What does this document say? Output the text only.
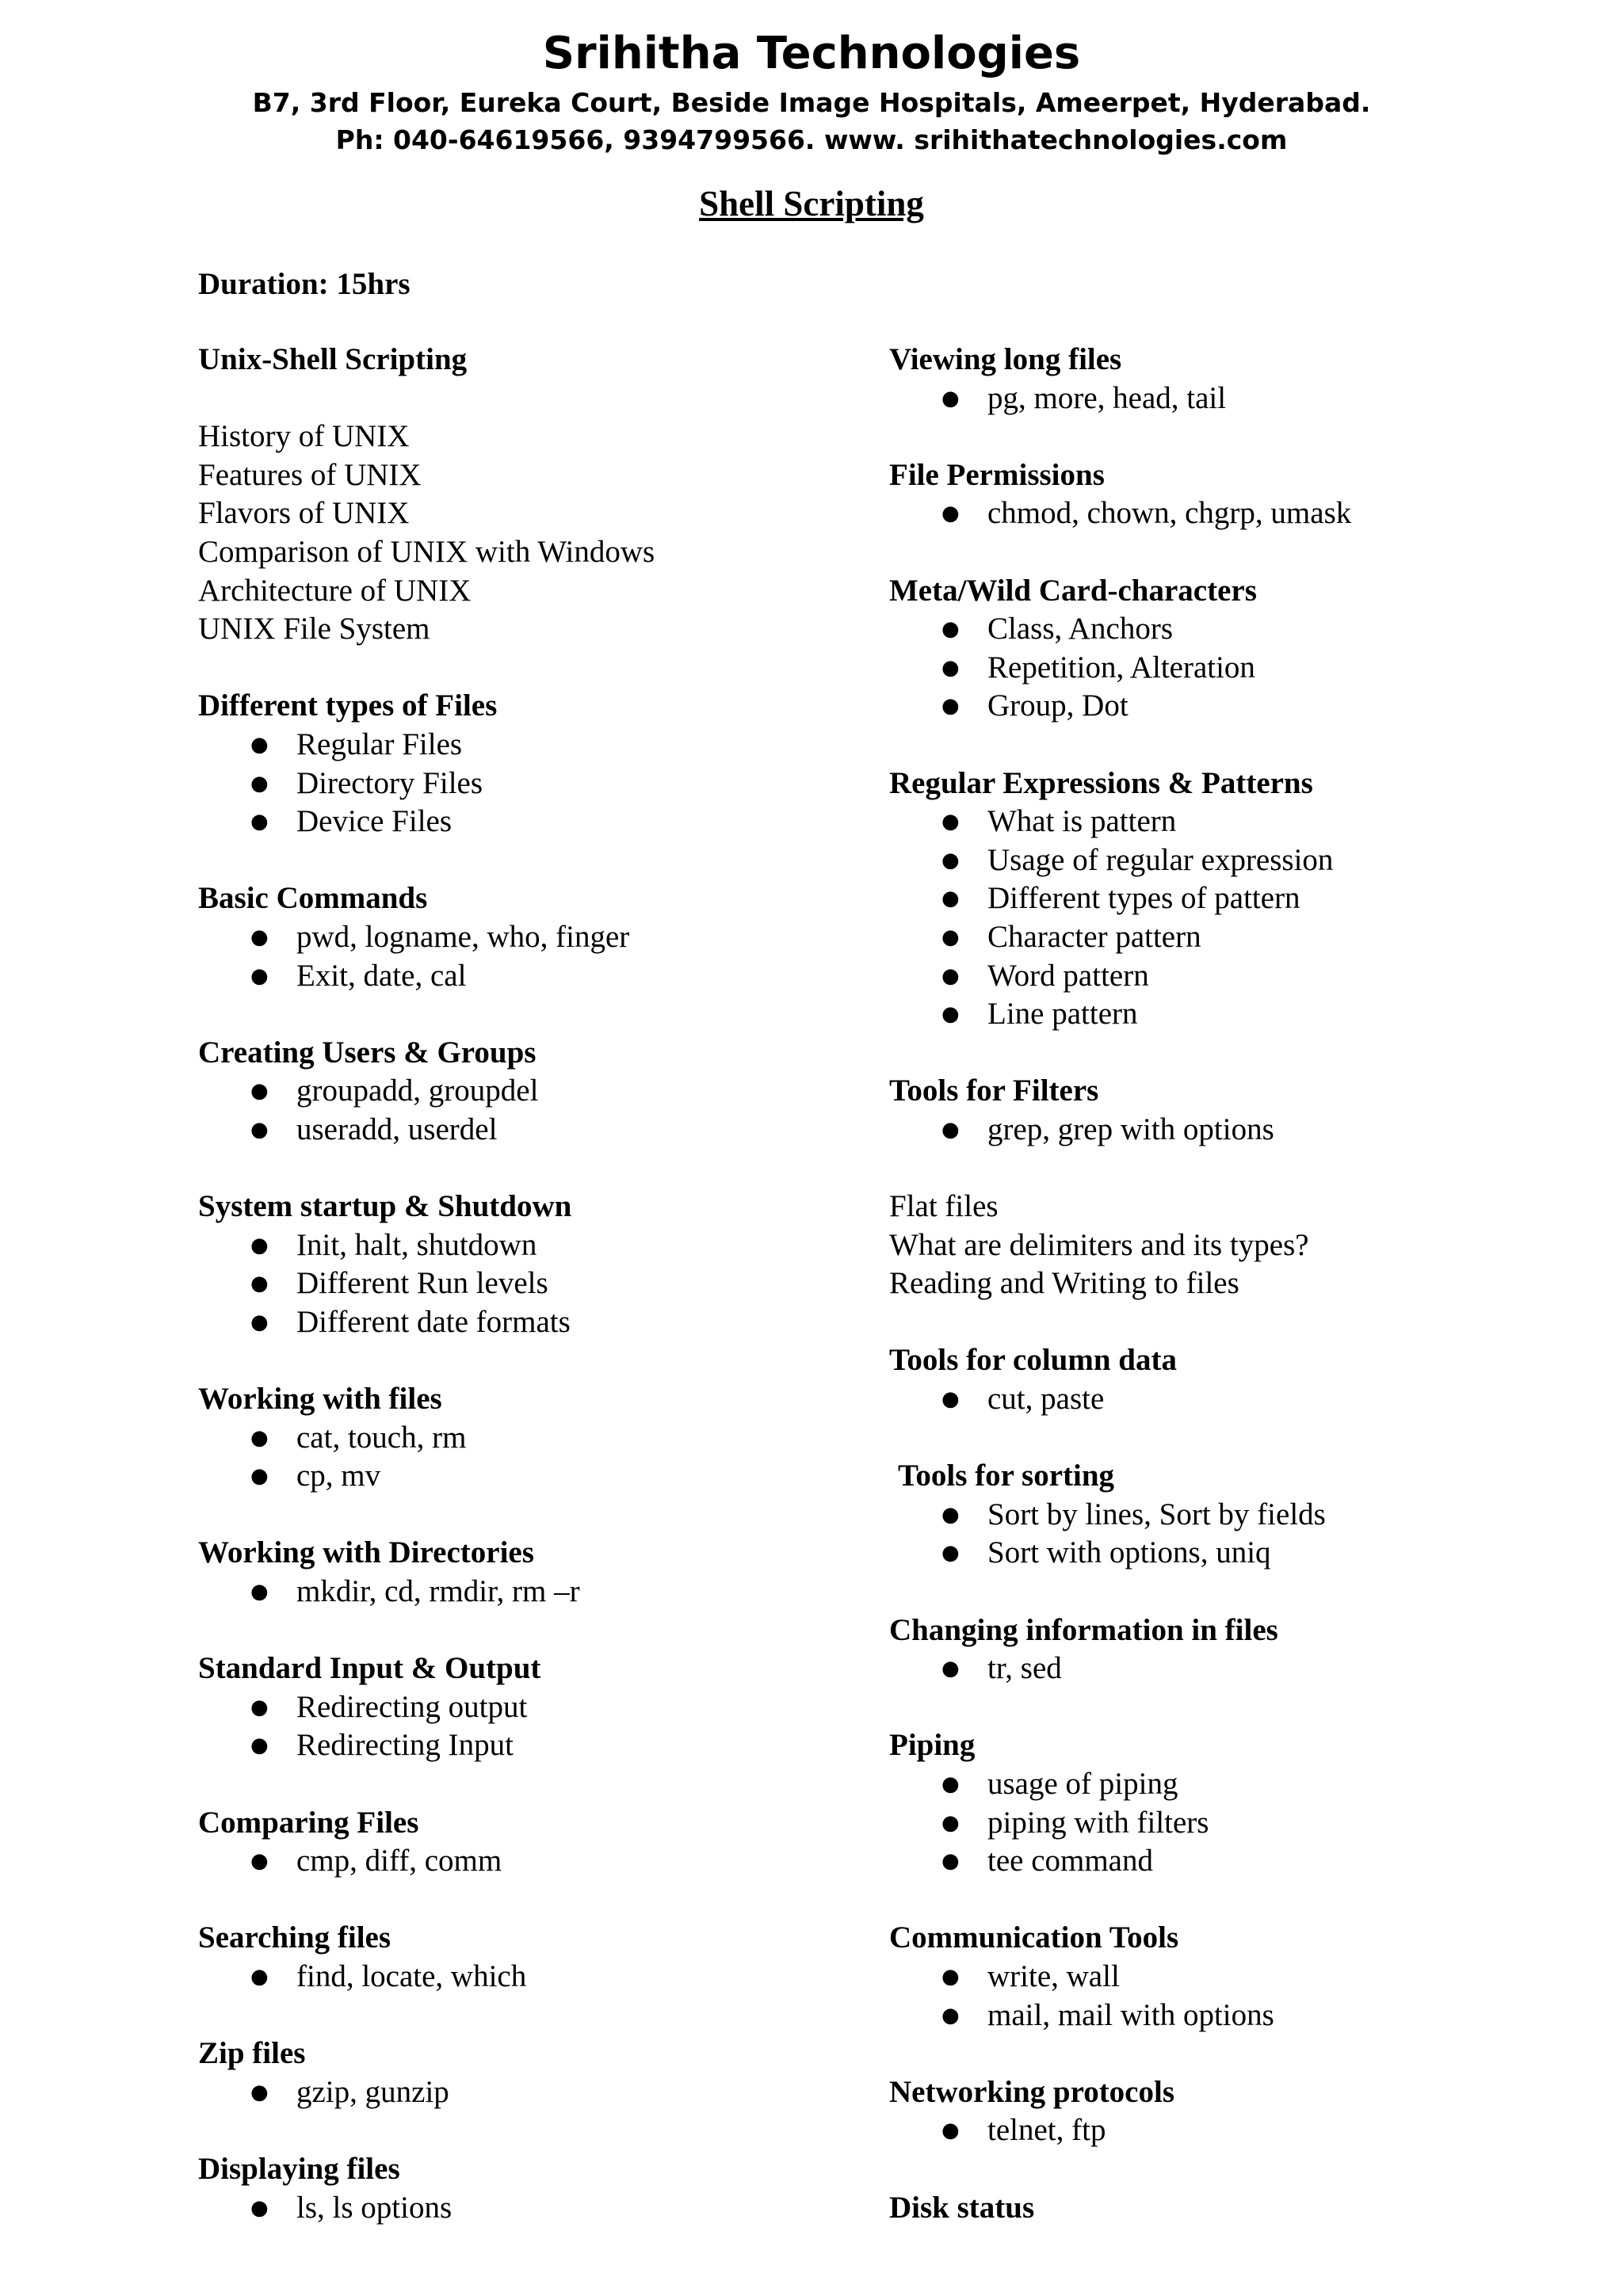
Srihitha Technologies
B7, 3rd Floor, Eureka Court, Beside Image Hospitals, Ameerpet, Hyderabad.
Ph: 040-64619566, 9394799566. www. srihithatechnologies.com
Shell Scripting
Duration: 15hrs
Unix-Shell Scripting
History of UNIX
Features of UNIX
Flavors of UNIX
Comparison of UNIX with Windows
Architecture of UNIX
UNIX File System
Different types of Files
● Regular Files
● Directory Files
● Device Files
Basic Commands
● pwd, logname, who, finger
● Exit, date, cal
Creating Users & Groups
● groupadd, groupdel
● useradd, userdel
System startup & Shutdown
● Init, halt, shutdown
● Different Run levels
● Different date formats
Working with files
● cat, touch, rm
● cp, mv
Working with Directories
● mkdir, cd, rmdir, rm –r
Standard Input & Output
● Redirecting output
● Redirecting Input
Comparing Files
● cmp, diff, comm
Searching files
● find, locate, which
Zip files
● gzip, gunzip
Displaying files
● ls, ls options
Viewing long files
● pg, more, head, tail
File Permissions
● chmod, chown, chgrp, umask
Meta/Wild Card-characters
● Class, Anchors
● Repetition, Alteration
● Group, Dot
Regular Expressions & Patterns
● What is pattern
● Usage of regular expression
● Different types of pattern
● Character pattern
● Word pattern
● Line pattern
Tools for Filters
● grep, grep with options
Flat files
What are delimiters and its types?
Reading and Writing to files
Tools for column data
● cut, paste
Tools for sorting
● Sort by lines, Sort by fields
● Sort with options, uniq
Changing information in files
● tr, sed
Piping
● usage of piping
● piping with filters
● tee command
Communication Tools
● write, wall
● mail, mail with options
Networking protocols
● telnet, ftp
Disk status
